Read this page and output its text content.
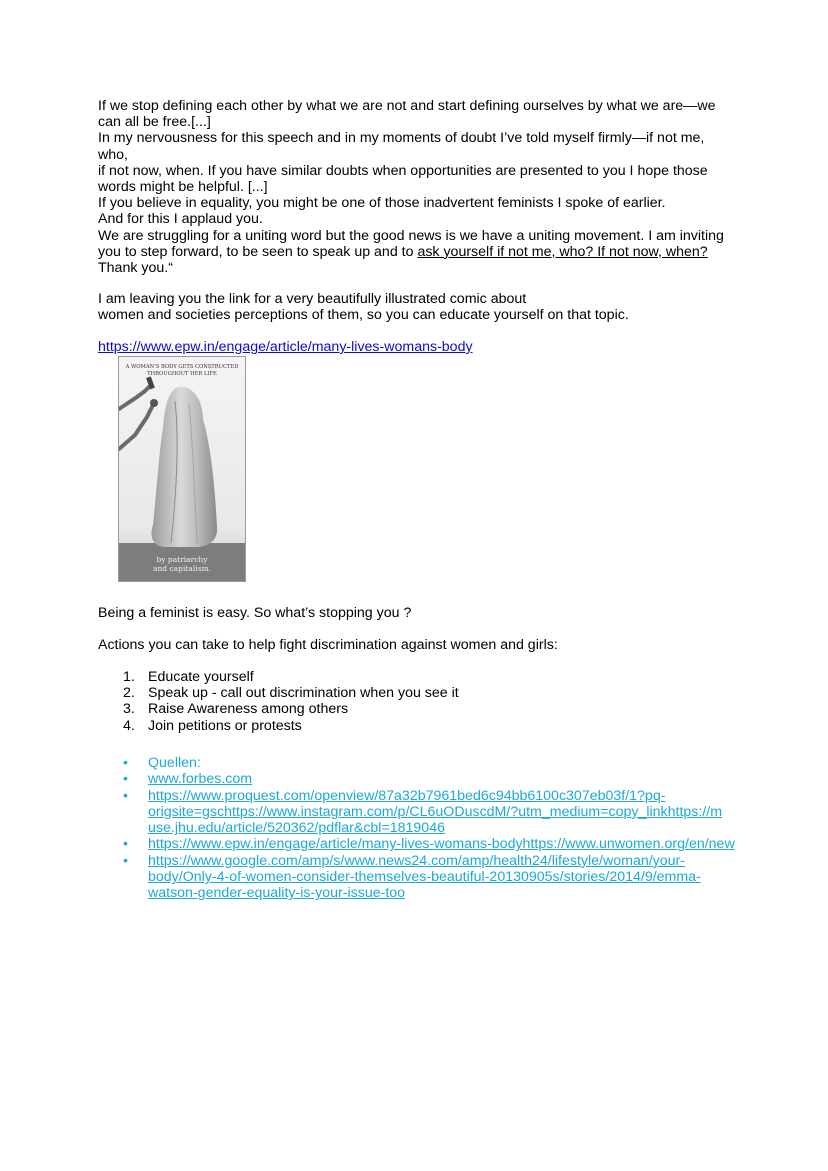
If we stop defining each other by what we are not and start defining ourselves by what we are—we
can all be free.[...]
In my nervousness for this speech and in my moments of doubt I’ve told myself firmly—if not me, who,
if not now, when. If you have similar doubts when opportunities are presented to you I hope those
words might be helpful. [...]
If you believe in equality, you might be one of those inadvertent feminists I spoke of earlier.
And for this I applaud you.
We are struggling for a uniting word but the good news is we have a uniting movement. I am inviting
you to step forward, to be seen to speak up and to ask yourself if not me, who? If not now, when?
Thank you.“
I am leaving you the link for a very beautifully illustrated comic about
women and societies perceptions of them, so you can educate yourself on that topic.
https://www.epw.in/engage/article/many-lives-womans-body
A WOMAN’S BODY GETS CONSTRUCTED
THROUGHOUT HER LIFE
by patriarchy
and capitalism.
Being a feminist is easy. So what’s stopping you ?
Actions you can take to help fight discrimination against women and girls:
1. Educate yourself
2. Speak up - call out discrimination when you see it
3. Raise Awareness among others
4. Join petitions or protests
• Quellen:
• www.forbes.com
• https://www.proquest.com/openview/87a32b7961bed6c94bb6100c307eb03f/1?pq-
origsite=gschttps://www.instagram.com/p/CL6uODuscdM/?utm_medium=copy_linkhttps://m
use.jhu.edu/article/520362/pdflar&cbl=1819046
• https://www.epw.in/engage/article/many-lives-womans-bodyhttps://www.unwomen.org/en/new
• https://www.google.com/amp/s/www.news24.com/amp/health24/lifestyle/woman/your-
body/Only-4-of-women-consider-themselves-beautiful-20130905s/stories/2014/9/emma-
watson-gender-equality-is-your-issue-too
